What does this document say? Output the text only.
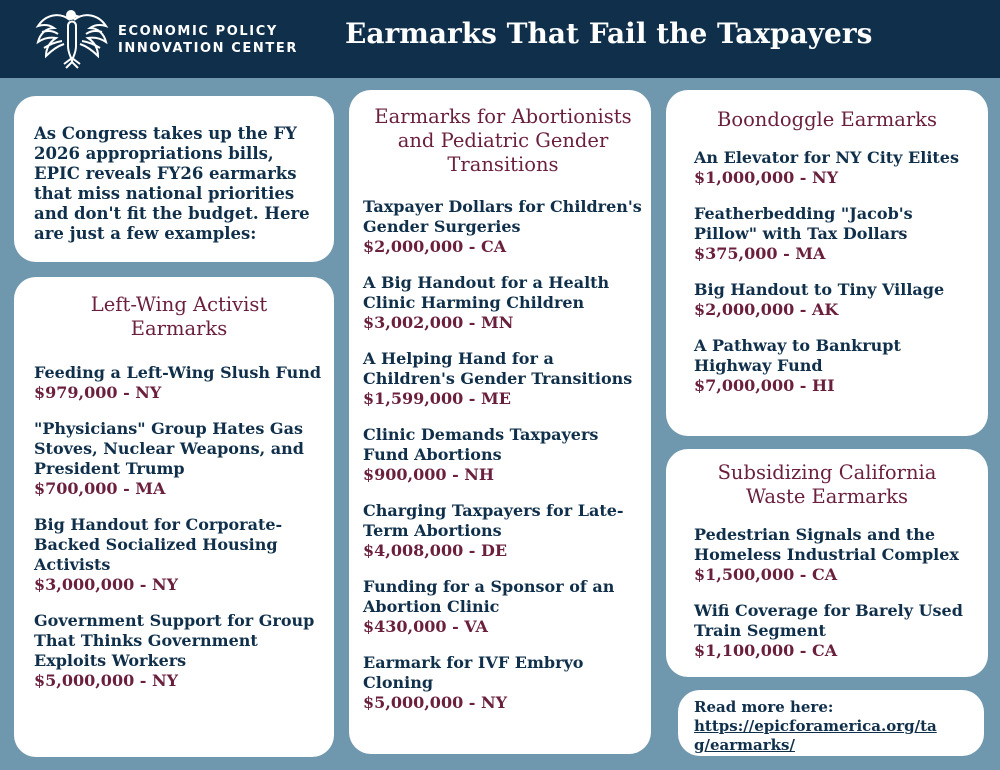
ECONOMIC POLICY
INNOVATION CENTER Earmarks That Fail the Taxpayers
As Congress takes up the FY 2026 appropriations bills, EPIC reveals FY26 earmarks that miss national priorities and don't fit the budget. Here are just a few examples:
Left-Wing Activist Earmarks
Feeding a Left-Wing Slush Fund
$979,000 - NY
"Physicians" Group Hates Gas Stoves, Nuclear Weapons, and President Trump
$700,000 - MA
Big Handout for Corporate-Backed Socialized Housing Activists
$3,000,000 - NY
Government Support for Group That Thinks Government Exploits Workers
$5,000,000 - NY
Earmarks for Abortionists and Pediatric Gender Transitions
Taxpayer Dollars for Children's Gender Surgeries
$2,000,000 - CA
A Big Handout for a Health Clinic Harming Children
$3,002,000 - MN
A Helping Hand for a Children's Gender Transitions
$1,599,000 - ME
Clinic Demands Taxpayers Fund Abortions
$900,000 - NH
Charging Taxpayers for Late-Term Abortions
$4,008,000 - DE
Funding for a Sponsor of an Abortion Clinic
$430,000 - VA
Earmark for IVF Embryo Cloning
$5,000,000 - NY
Boondoggle Earmarks
An Elevator for NY City Elites
$1,000,000 - NY
Featherbedding "Jacob's Pillow" with Tax Dollars
$375,000 - MA
Big Handout to Tiny Village
$2,000,000 - AK
A Pathway to Bankrupt Highway Fund
$7,000,000 - HI
Subsidizing California Waste Earmarks
Pedestrian Signals and the Homeless Industrial Complex
$1,500,000 - CA
Wifi Coverage for Barely Used Train Segment
$1,100,000 - CA
Read more here:
https://epicforamerica.org/tag/earmarks/
